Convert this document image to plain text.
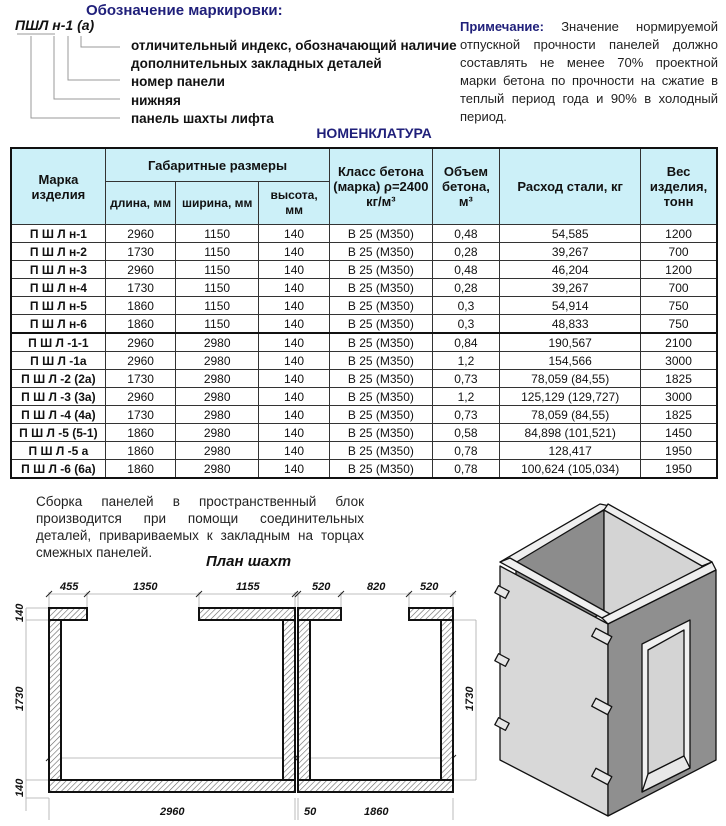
Обозначение маркировки:
ПШЛ н-1 (а)
отличительный индекс, обозначающий наличие
дополнительных закладных деталей
номер панели
нижняя
панель шахты лифта
Примечание: Значение нормируемой отпускной прочности панелей должно составлять не менее 70% проектной марки бетона по прочности на сжатие в теплый период года и 90% в холодный период.
НОМЕНКЛАТУРА
Марка изделия	Габаритные размеры			Класс бетона (марка) ρ=2400 кг/м³	Объем бетона, м³	Расход стали, кг	Вес изделия, тонн
	длина, мм	ширина, мм	высота, мм				
П Ш Л н-1	2960	1150	140	В 25 (М350)	0,48	54,585	1200
П Ш Л н-2	1730	1150	140	В 25 (М350)	0,28	39,267	700
П Ш Л н-3	2960	1150	140	В 25 (М350)	0,48	46,204	1200
П Ш Л н-4	1730	1150	140	В 25 (М350)	0,28	39,267	700
П Ш Л н-5	1860	1150	140	В 25 (М350)	0,3	54,914	750
П Ш Л н-6	1860	1150	140	В 25 (М350)	0,3	48,833	750
П Ш Л -1-1	2960	2980	140	В 25 (М350)	0,84	190,567	2100
П Ш Л -1а	2960	2980	140	В 25 (М350)	1,2	154,566	3000
П Ш Л -2 (2а)	1730	2980	140	В 25 (М350)	0,73	78,059 (84,55)	1825
П Ш Л -3 (3а)	2960	2980	140	В 25 (М350)	1,2	125,129 (129,727)	3000
П Ш Л -4 (4а)	1730	2980	140	В 25 (М350)	0,73	78,059 (84,55)	1825
П Ш Л -5 (5-1)	1860	2980	140	В 25 (М350)	0,58	84,898 (101,521)	1450
П Ш Л -5 а	1860	2980	140	В 25 (М350)	0,78	128,417	1950
П Ш Л -6 (6а)	1860	2980	140	В 25 (М350)	0,78	100,624 (105,034)	1950
Сборка панелей в пространственный блок производится при помощи соединительных деталей, привариваемых к закладным на торцах смежных панелей.
План шахт
455	1350	1155	520	820	520
140
1730
140
1730
2960	50	1860
